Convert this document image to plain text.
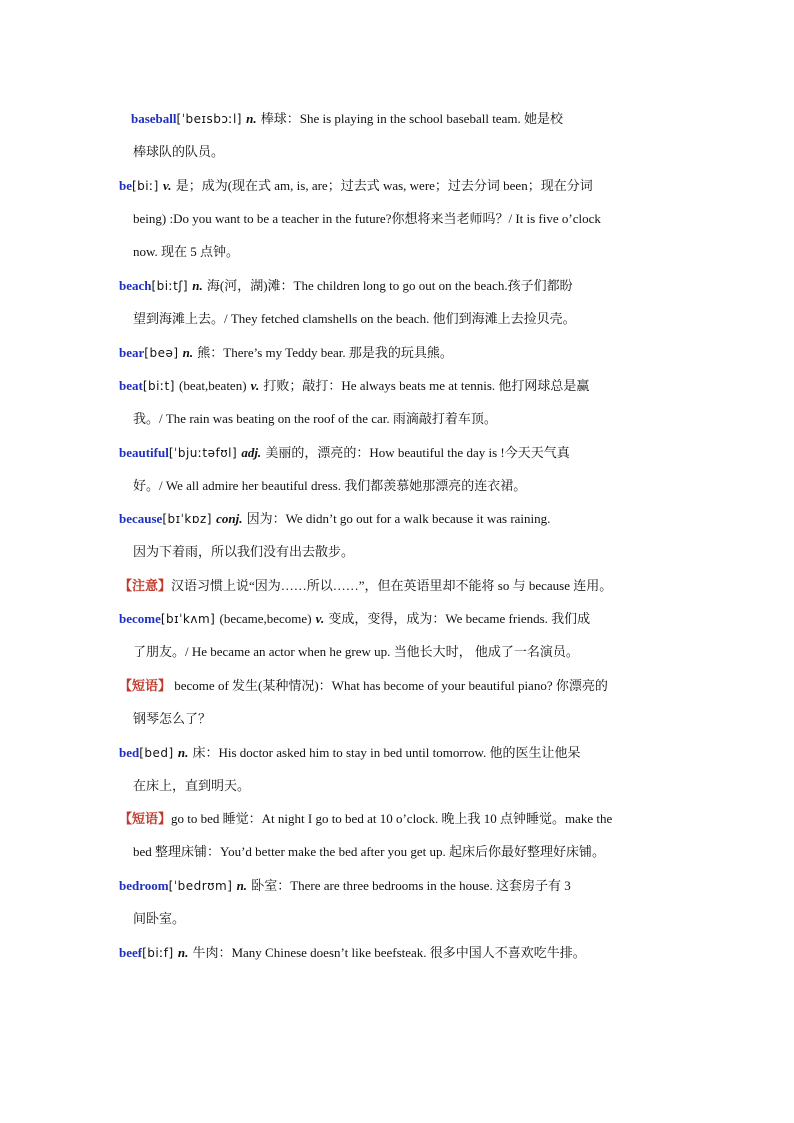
baseball[ˈbeɪsbɔːl] n. 棒球：She is playing in the school baseball team. 她是校
棒球队的队员。
be[biː] v. 是；成为(现在式 am, is, are；过去式 was, were；过去分词 been；现在分词
being) :Do you want to be a teacher in the future?你想将来当老师吗？/ It is five o’clock
now. 现在 5 点钟。
beach[biːtʃ] n. 海(河，湖)滩：The children long to go out on the beach.孩子们都盼
望到海滩上去。/ They fetched clamshells on the beach. 他们到海滩上去捡贝壳。
bear[beə] n. 熊：There’s my Teddy bear. 那是我的玩具熊。
beat[biːt] (beat,beaten) v. 打败；敲打：He always beats me at tennis. 他打网球总是赢
我。/ The rain was beating on the roof of the car. 雨滴敲打着车顶。
beautiful[ˈbjuːtəfʊl] adj. 美丽的，漂亮的：How beautiful the day is !今天天气真
好。/ We all admire her beautiful dress. 我们都羡慕她那漂亮的连衣裙。
because[bɪˈkɒz] conj. 因为：We didn’t go out for a walk because it was raining.
因为下着雨，所以我们没有出去散步。
【注意】汉语习惯上说“因为……所以……”，但在英语里却不能将 so 与 because 连用。
become[bɪˈkʌm] (became,become) v. 变成，变得，成为：We became friends. 我们成
了朋友。/ He became an actor when he grew up. 当他长大时， 他成了一名演员。
【短语】 become of 发生(某种情况)：What has become of your beautiful piano? 你漂亮的
钢琴怎么了？
bed[bed] n. 床：His doctor asked him to stay in bed until tomorrow. 他的医生让他呆
在床上，直到明天。
【短语】go to bed 睡觉：At night I go to bed at 10 o’clock. 晚上我 10 点钟睡觉。make the
bed 整理床铺：You’d better make the bed after you get up. 起床后你最好整理好床铺。
bedroom[ˈbedrʊm] n. 卧室：There are three bedrooms in the house. 这套房子有 3
间卧室。
beef[biːf] n. 牛肉：Many Chinese doesn’t like beefsteak. 很多中国人不喜欢吃牛排。
